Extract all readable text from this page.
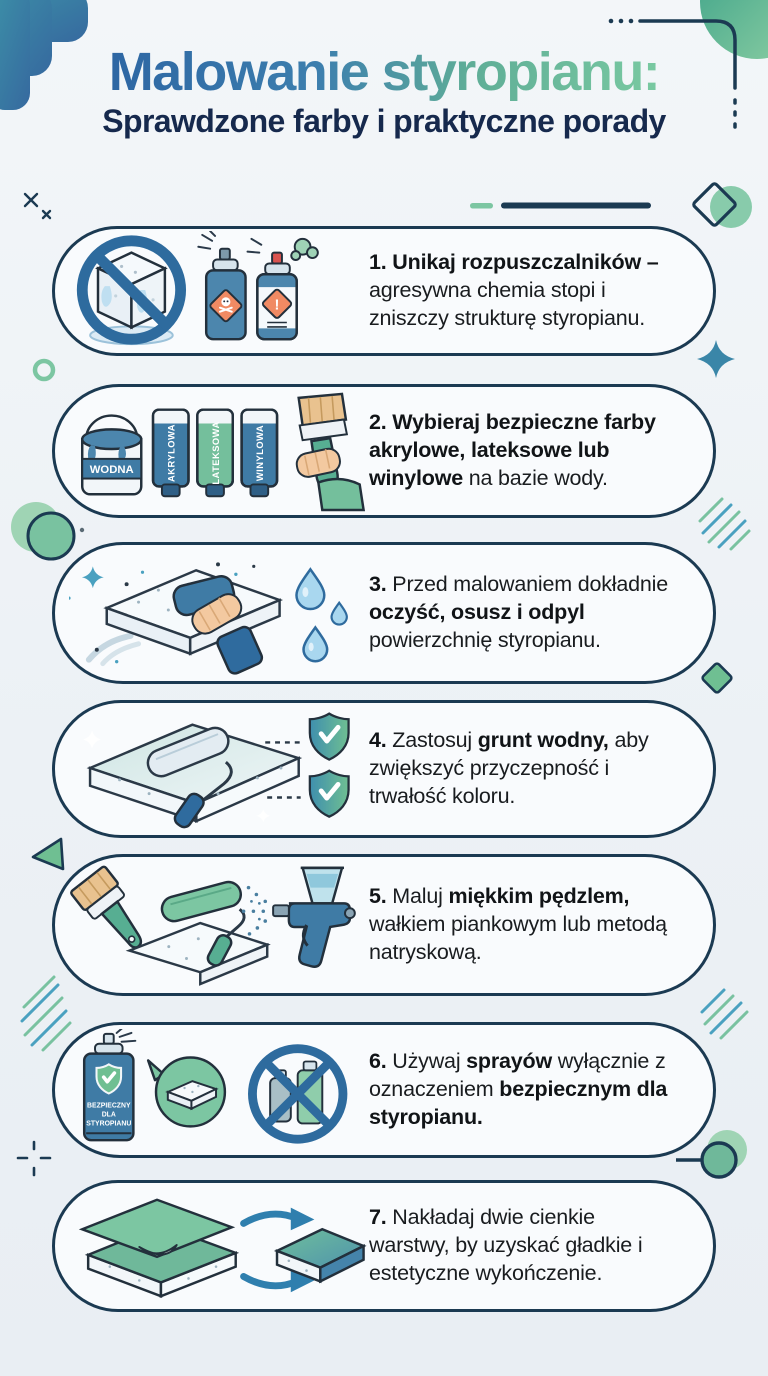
Malowanie styropianu:
Sprawdzone farby i praktyczne porady
!
1. Unikaj rozpuszczalników – agresywna chemia stopi i zniszczy strukturę styropianu.
WODNA	AKRYLOWA	LATEKSOWA	WINYLOWA
2. Wybieraj bezpieczne farby akrylowe, lateksowe lub winylowe na bazie wody.
3. Przed malowaniem dokładnie oczyść, osusz i odpyl powierzchnię styropianu.
4. Zastosuj grunt wodny, aby zwiększyć przyczepność i trwałość koloru.
5. Maluj miękkim pędzlem, wałkiem piankowym lub metodą natryskową.
BEZPIECZNY
DLA
STYROPIANU
6. Używaj sprayów wyłącznie z oznaczeniem bezpiecznym dla styropianu.
7. Nakładaj dwie cienkie warstwy, by uzyskać gładkie i estetyczne wykończenie.
